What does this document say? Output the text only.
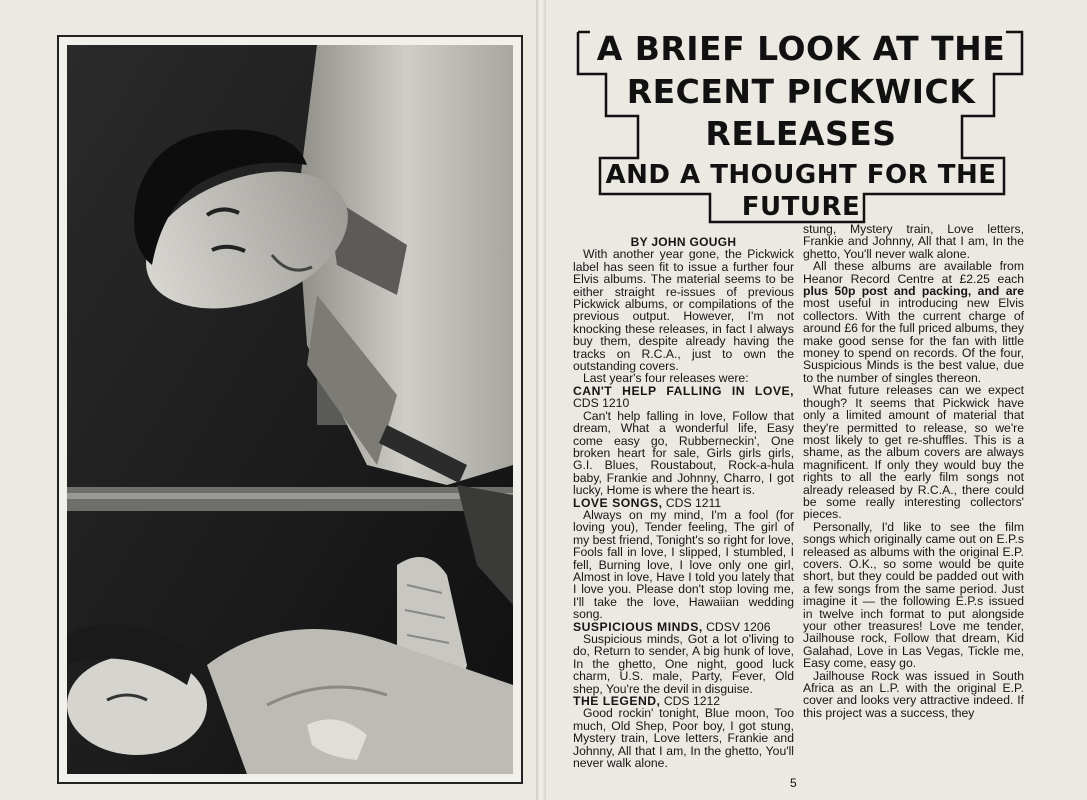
A BRIEF LOOK AT THE
RECENT PICKWICK
RELEASES
AND A THOUGHT FOR THE
FUTURE

BY JOHN GOUGH

With another year gone, the Pickwick label has seen fit to issue a further four Elvis albums. The material seems to be either straight re-issues of previous Pickwick albums, or compilations of the previous output. However, I'm not knocking these releases, in fact I always buy them, despite already having the tracks on R.C.A., just to own the outstanding covers.

Last year's four releases were:

CAN'T HELP FALLING IN LOVE, CDS 1210

Can't help falling in love, Follow that dream, What a wonderful life, Easy come easy go, Rubberneckin', One broken heart for sale, Girls girls girls, G.I. Blues, Roustabout, Rock-a-hula baby, Frankie and Johnny, Charro, I got lucky, Home is where the heart is.

LOVE SONGS, CDS 1211

Always on my mind, I'm a fool (for loving you), Tender feeling, The girl of my best friend, Tonight's so right for love, Fools fall in love, I slipped, I stumbled, I fell, Burning love, I love only one girl, Almost in love, Have I told you lately that I love you. Please don't stop loving me, I'll take the love, Hawaiian wedding song.

SUSPICIOUS MINDS, CDSV 1206

Suspicious minds, Got a lot o'living to do, Return to sender, A big hunk of love, In the ghetto, One night, good luck charm, U.S. male, Party, Fever, Old shep, You're the devil in disguise.

THE LEGEND, CDS 1212

Good rockin' tonight, Blue moon, Too much, Old Shep, Poor boy, I got stung, Mystery train, Love letters, Frankie and Johnny, All that I am, In the ghetto, You'll never walk alone.

stung, Mystery train, Love letters, Frankie and Johnny, All that I am, In the ghetto, You'll never walk alone.

All these albums are available from Heanor Record Centre at £2.25 each plus 50p post and packing, and are most useful in introducing new Elvis collectors. With the current charge of around £6 for the full priced albums, they make good sense for the fan with little money to spend on records. Of the four, Suspicious Minds is the best value, due to the number of singles thereon.

What future releases can we expect though? It seems that Pickwick have only a limited amount of material that they're permitted to release, so we're most likely to get re-shuffles. This is a shame, as the album covers are always magnificent. If only they would buy the rights to all the early film songs not already released by R.C.A., there could be some really interesting collectors' pieces.

Personally, I'd like to see the film songs which originally came out on E.P.s released as albums with the original E.P. covers. O.K., so some would be quite short, but they could be padded out with a few songs from the same period. Just imagine it — the following E.P.s issued in twelve inch format to put alongside your other treasures! Love me tender, Jailhouse rock, Follow that dream, Kid Galahad, Love in Las Vegas, Tickle me, Easy come, easy go.

Jailhouse Rock was issued in South Africa as an L.P. with the original E.P. cover and looks very attractive indeed. If this project was a success, they

5
